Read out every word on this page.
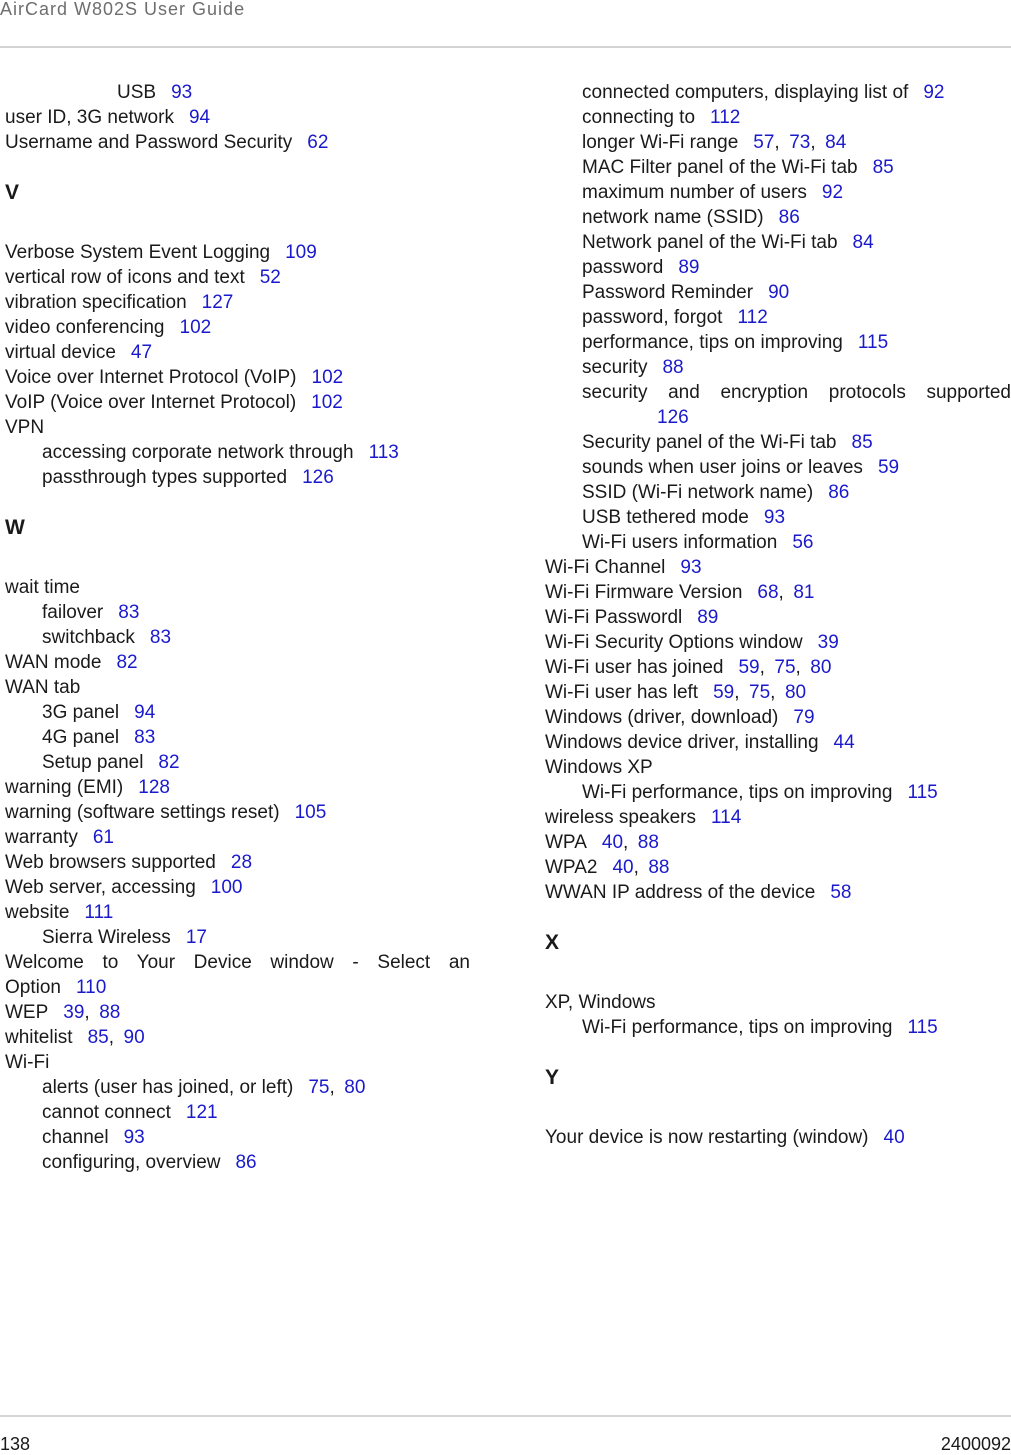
AirCard W802S User Guide
USB 93
user ID, 3G network 94
Username and Password Security 62
V
Verbose System Event Logging 109
vertical row of icons and text 52
vibration specification 127
video conferencing 102
virtual device 47
Voice over Internet Protocol (VoIP) 102
VoIP (Voice over Internet Protocol) 102
VPN
accessing corporate network through 113
passthrough types supported 126
W
wait time
failover 83
switchback 83
WAN mode 82
WAN tab
3G panel 94
4G panel 83
Setup panel 82
warning (EMI) 128
warning (software settings reset) 105
warranty 61
Web browsers supported 28
Web server, accessing 100
website 111
Sierra Wireless 17
Welcome to Your Device window - Select an
Option 110
WEP 39, 88
whitelist 85, 90
Wi-Fi
alerts (user has joined, or left) 75, 80
cannot connect 121
channel 93
configuring, overview 86
connected computers, displaying list of 92
connecting to 112
longer Wi-Fi range 57, 73, 84
MAC Filter panel of the Wi-Fi tab 85
maximum number of users 92
network name (SSID) 86
Network panel of the Wi-Fi tab 84
password 89
Password Reminder 90
password, forgot 112
performance, tips on improving 115
security 88
security and encryption protocols supported
126
Security panel of the Wi-Fi tab 85
sounds when user joins or leaves 59
SSID (Wi-Fi network name) 86
USB tethered mode 93
Wi-Fi users information 56
Wi-Fi Channel 93
Wi-Fi Firmware Version 68, 81
Wi-Fi Passwordl 89
Wi-Fi Security Options window 39
Wi-Fi user has joined 59, 75, 80
Wi-Fi user has left 59, 75, 80
Windows (driver, download) 79
Windows device driver, installing 44
Windows XP
Wi-Fi performance, tips on improving 115
wireless speakers 114
WPA 40, 88
WPA2 40, 88
WWAN IP address of the device 58
X
XP, Windows
Wi-Fi performance, tips on improving 115
Y
Your device is now restarting (window) 40
138	2400092
